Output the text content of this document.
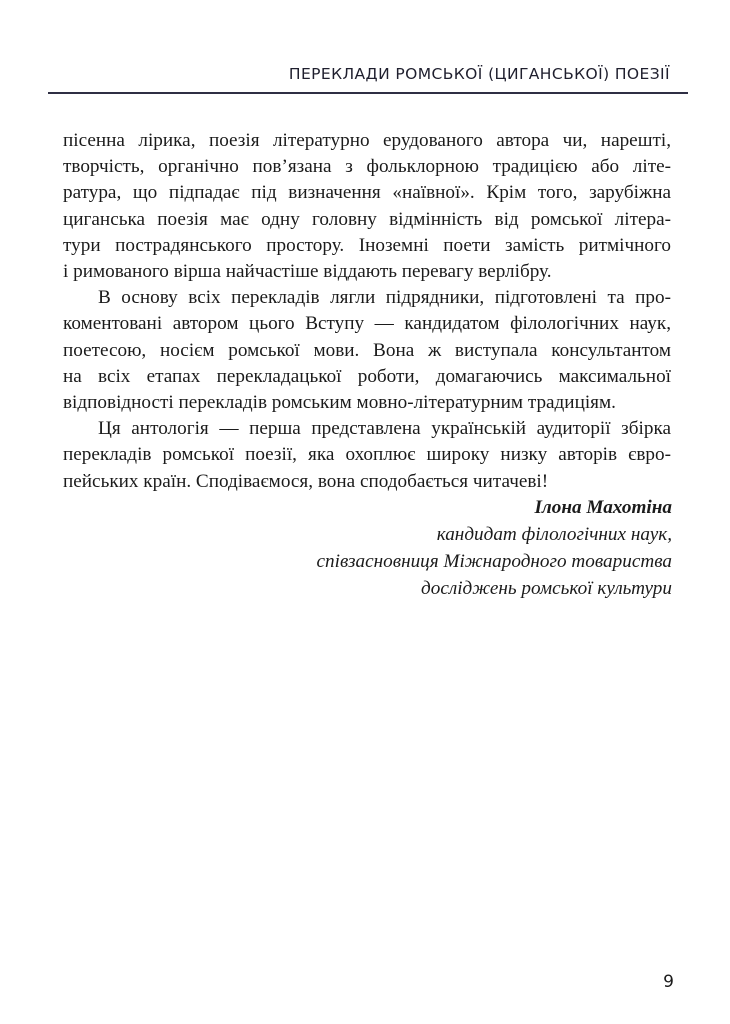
ПЕРЕКЛАДИ РОМСЬКОЇ (ЦИГАНСЬКОЇ) ПОЕЗІЇ
пісенна лірика, поезія літературно ерудованого автора чи, нарешті,
творчість, органічно пов’язана з фольклорною традицією або літе-
ратура, що підпадає під визначення «наївної». Крім того, зарубіжна
циганська поезія має одну головну відмінність від ромської літера-
тури пострадянського простору. Іноземні поети замість ритмічного
і римованого вірша найчастіше віддають перевагу верлібру.
В основу всіх перекладів лягли підрядники, підготовлені та про-
коментовані автором цього Вступу — кандидатом філологічних наук,
поетесою, носієм ромської мови. Вона ж виступала консультантом
на всіх етапах перекладацької роботи, домагаючись максимальної
відповідності перекладів ромським мовно-літературним традиціям.
Ця антологія — перша представлена українській аудиторії збірка
перекладів ромської поезії, яка охоплює широку низку авторів євро-
пейських країн. Сподіваємося, вона сподобається читачеві!
Ілона Махотіна
кандидат філологічних наук,
співзасновниця Міжнародного товариства
досліджень ромської культури
9
